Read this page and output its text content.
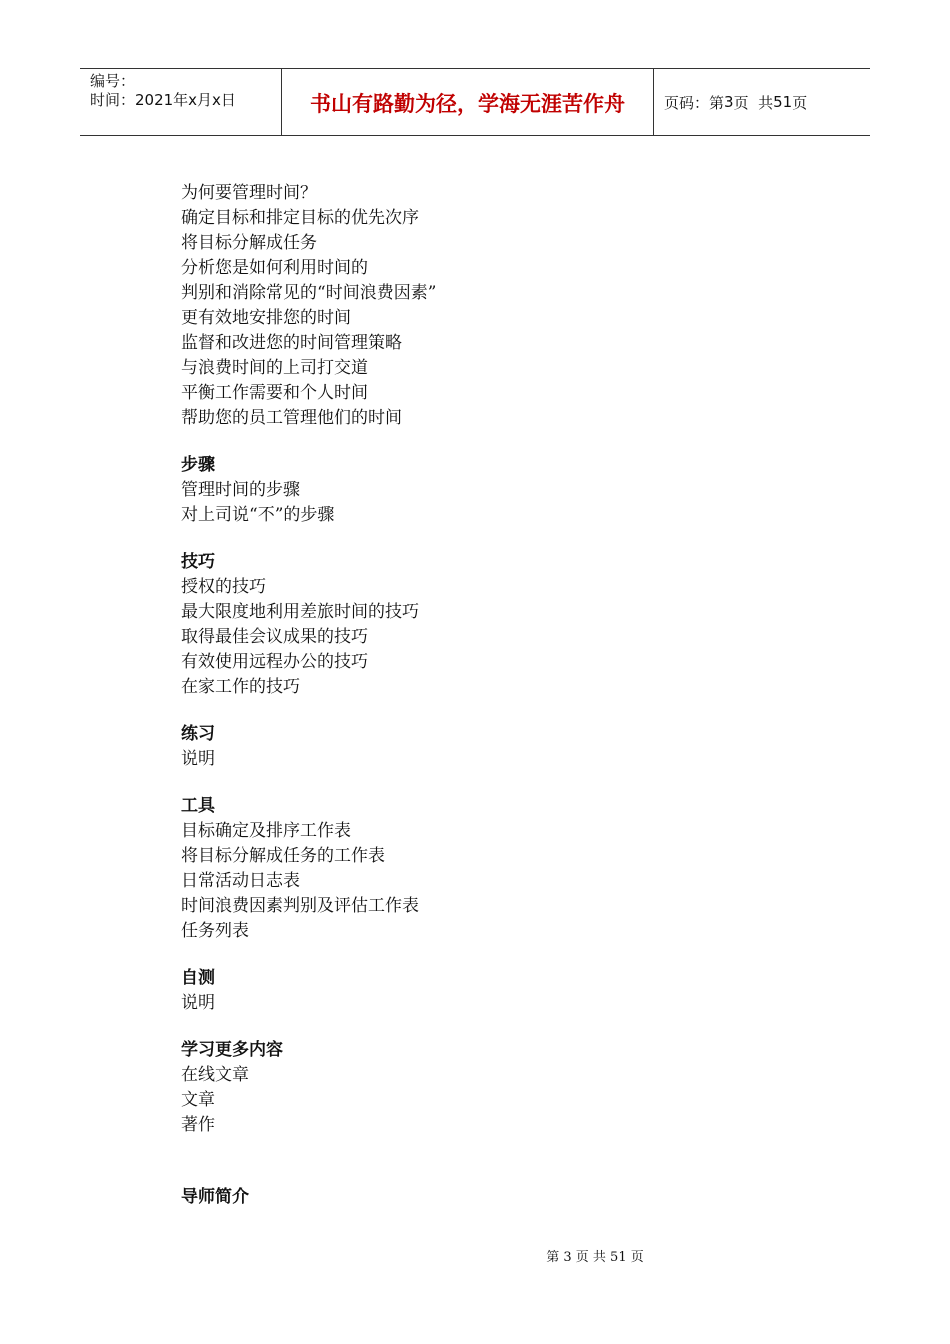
编号：
时间：2021年x月x日	书山有路勤为径，学海无涯苦作舟	页码：第 3 页  共 51 页
为何要管理时间？
确定目标和排定目标的优先次序
将目标分解成任务
分析您是如何利用时间的
判别和消除常见的“时间浪费因素”
更有效地安排您的时间
监督和改进您的时间管理策略
与浪费时间的上司打交道
平衡工作需要和个人时间
帮助您的员工管理他们的时间
步骤
管理时间的步骤
对上司说“不”的步骤
技巧
授权的技巧
最大限度地利用差旅时间的技巧
取得最佳会议成果的技巧
有效使用远程办公的技巧
在家工作的技巧
练习
说明
工具
目标确定及排序工作表
将目标分解成任务的工作表
日常活动日志表
时间浪费因素判别及评估工作表
任务列表
自测
说明
学习更多内容
在线文章
文章
著作
导师简介
第 3 页 共 51 页
